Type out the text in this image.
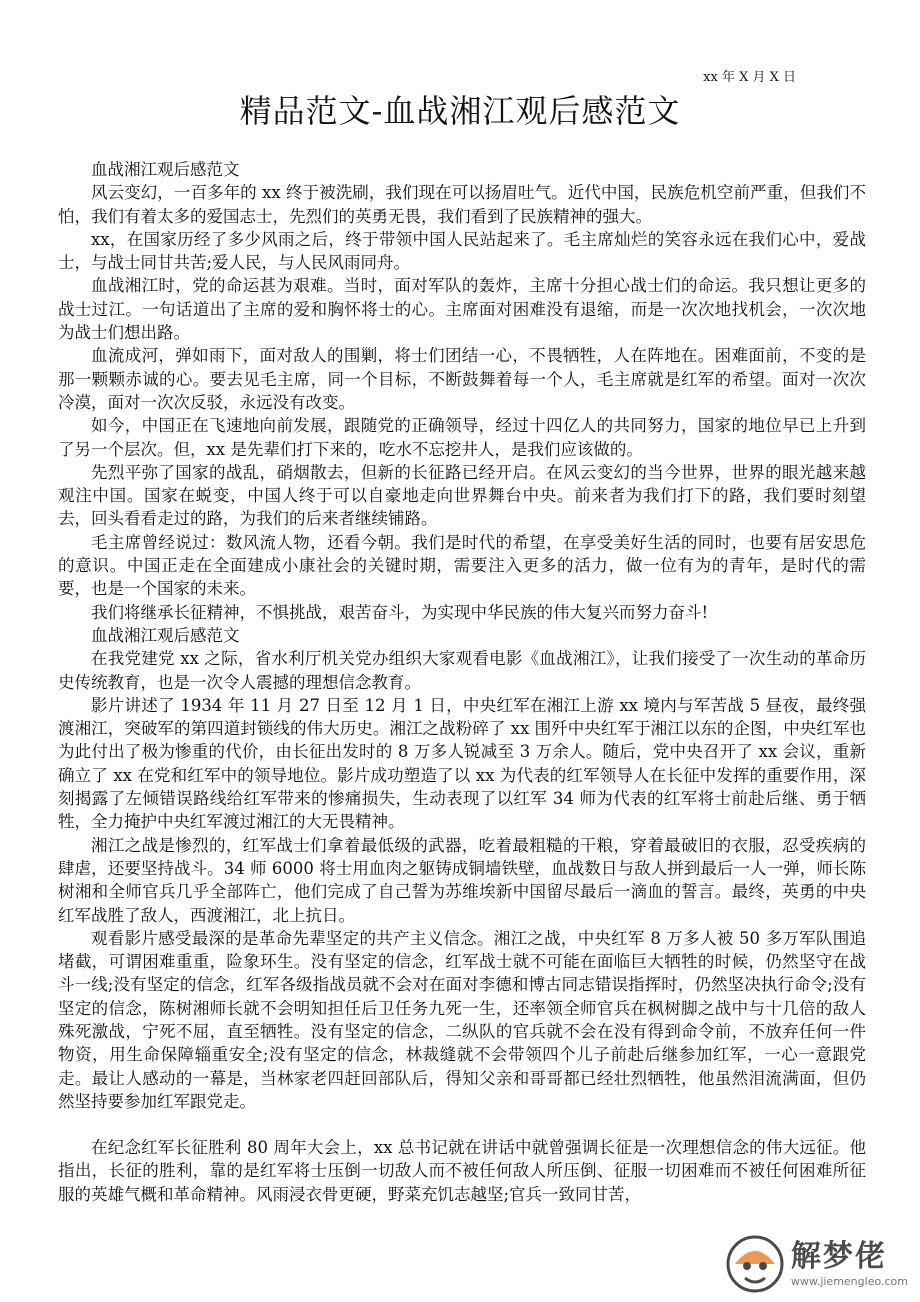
xx 年 X 月 X 日
精品范文-血战湘江观后感范文

血战湘江观后感范文

风云变幻，一百多年的 xx 终于被洗刷，我们现在可以扬眉吐气。近代中国，民族危机空前严重，但我们不怕，我们有着太多的爱国志士，先烈们的英勇无畏，我们看到了民族精神的强大。

xx，在国家历经了多少风雨之后，终于带领中国人民站起来了。毛主席灿烂的笑容永远在我们心中，爱战士，与战士同甘共苦;爱人民，与人民风雨同舟。

血战湘江时，党的命运甚为艰难。当时，面对军队的轰炸，主席十分担心战士们的命运。我只想让更多的战士过江。一句话道出了主席的爱和胸怀将士的心。主席面对困难没有退缩，而是一次次地找机会，一次次地为战士们想出路。

血流成河，弹如雨下，面对敌人的围剿，将士们团结一心，不畏牺牲，人在阵地在。困难面前，不变的是那一颗颗赤诚的心。要去见毛主席，同一个目标，不断鼓舞着每一个人，毛主席就是红军的希望。面对一次次冷漠，面对一次次反驳，永远没有改变。

如今，中国正在飞速地向前发展，跟随党的正确领导，经过十四亿人的共同努力，国家的地位早已上升到了另一个层次。但，xx 是先辈们打下来的，吃水不忘挖井人，是我们应该做的。

先烈平弥了国家的战乱，硝烟散去，但新的长征路已经开启。在风云变幻的当今世界，世界的眼光越来越观注中国。国家在蜕变，中国人终于可以自豪地走向世界舞台中央。前来者为我们打下的路，我们要时刻望去，回头看看走过的路，为我们的后来者继续铺路。

毛主席曾经说过：数风流人物，还看今朝。我们是时代的希望，在享受美好生活的同时，也要有居安思危的意识。中国正走在全面建成小康社会的关键时期，需要注入更多的活力，做一位有为的青年，是时代的需要，也是一个国家的未来。

我们将继承长征精神，不惧挑战，艰苦奋斗，为实现中华民族的伟大复兴而努力奋斗!

血战湘江观后感范文

在我党建党 xx 之际，省水利厅机关党办组织大家观看电影《血战湘江》，让我们接受了一次生动的革命历史传统教育，也是一次令人震撼的理想信念教育。

影片讲述了 1934 年 11 月 27 日至 12 月 1 日，中央红军在湘江上游 xx 境内与军苦战 5 昼夜，最终强渡湘江，突破军的第四道封锁线的伟大历史。湘江之战粉碎了 xx 围歼中央红军于湘江以东的企图，中央红军也为此付出了极为惨重的代价，由长征出发时的 8 万多人锐减至 3 万余人。随后，党中央召开了 xx 会议，重新确立了 xx 在党和红军中的领导地位。影片成功塑造了以 xx 为代表的红军领导人在长征中发挥的重要作用，深刻揭露了左倾错误路线给红军带来的惨痛损失，生动表现了以红军 34 师为代表的红军将士前赴后继、勇于牺牲，全力掩护中央红军渡过湘江的大无畏精神。

湘江之战是惨烈的，红军战士们拿着最低级的武器，吃着最粗糙的干粮，穿着最破旧的衣服，忍受疾病的肆虐，还要坚持战斗。34 师 6000 将士用血肉之躯铸成铜墙铁壁，血战数日与敌人拼到最后一人一弹，师长陈树湘和全师官兵几乎全部阵亡，他们完成了自己誓为苏维埃新中国留尽最后一滴血的誓言。最终，英勇的中央红军战胜了敌人，西渡湘江，北上抗日。

观看影片感受最深的是革命先辈坚定的共产主义信念。湘江之战，中央红军 8 万多人被 50 多万军队围追堵截，可谓困难重重，险象环生。没有坚定的信念，红军战士就不可能在面临巨大牺牲的时候，仍然坚守在战斗一线;没有坚定的信念，红军各级指战员就不会对在面对李德和博古同志错误指挥时，仍然坚决执行命令;没有坚定的信念，陈树湘师长就不会明知担任后卫任务九死一生，还率领全师官兵在枫树脚之战中与十几倍的敌人殊死激战，宁死不屈，直至牺牲。没有坚定的信念，二纵队的官兵就不会在没有得到命令前，不放弃任何一件物资，用生命保障辎重安全;没有坚定的信念，林裁缝就不会带领四个儿子前赴后继参加红军，一心一意跟党走。最让人感动的一幕是，当林家老四赶回部队后，得知父亲和哥哥都已经壮烈牺牲，他虽然泪流满面，但仍然坚持要参加红军跟党走。

在纪念红军长征胜利 80 周年大会上，xx 总书记就在讲话中就曾强调长征是一次理想信念的伟大远征。他指出，长征的胜利，靠的是红军将士压倒一切敌人而不被任何敌人所压倒、征服一切困难而不被任何困难所征服的英雄气概和革命精神。风雨浸衣骨更硬，野菜充饥志越坚;官兵一致同甘苦，

解梦佬
www.jiemengleo.com
